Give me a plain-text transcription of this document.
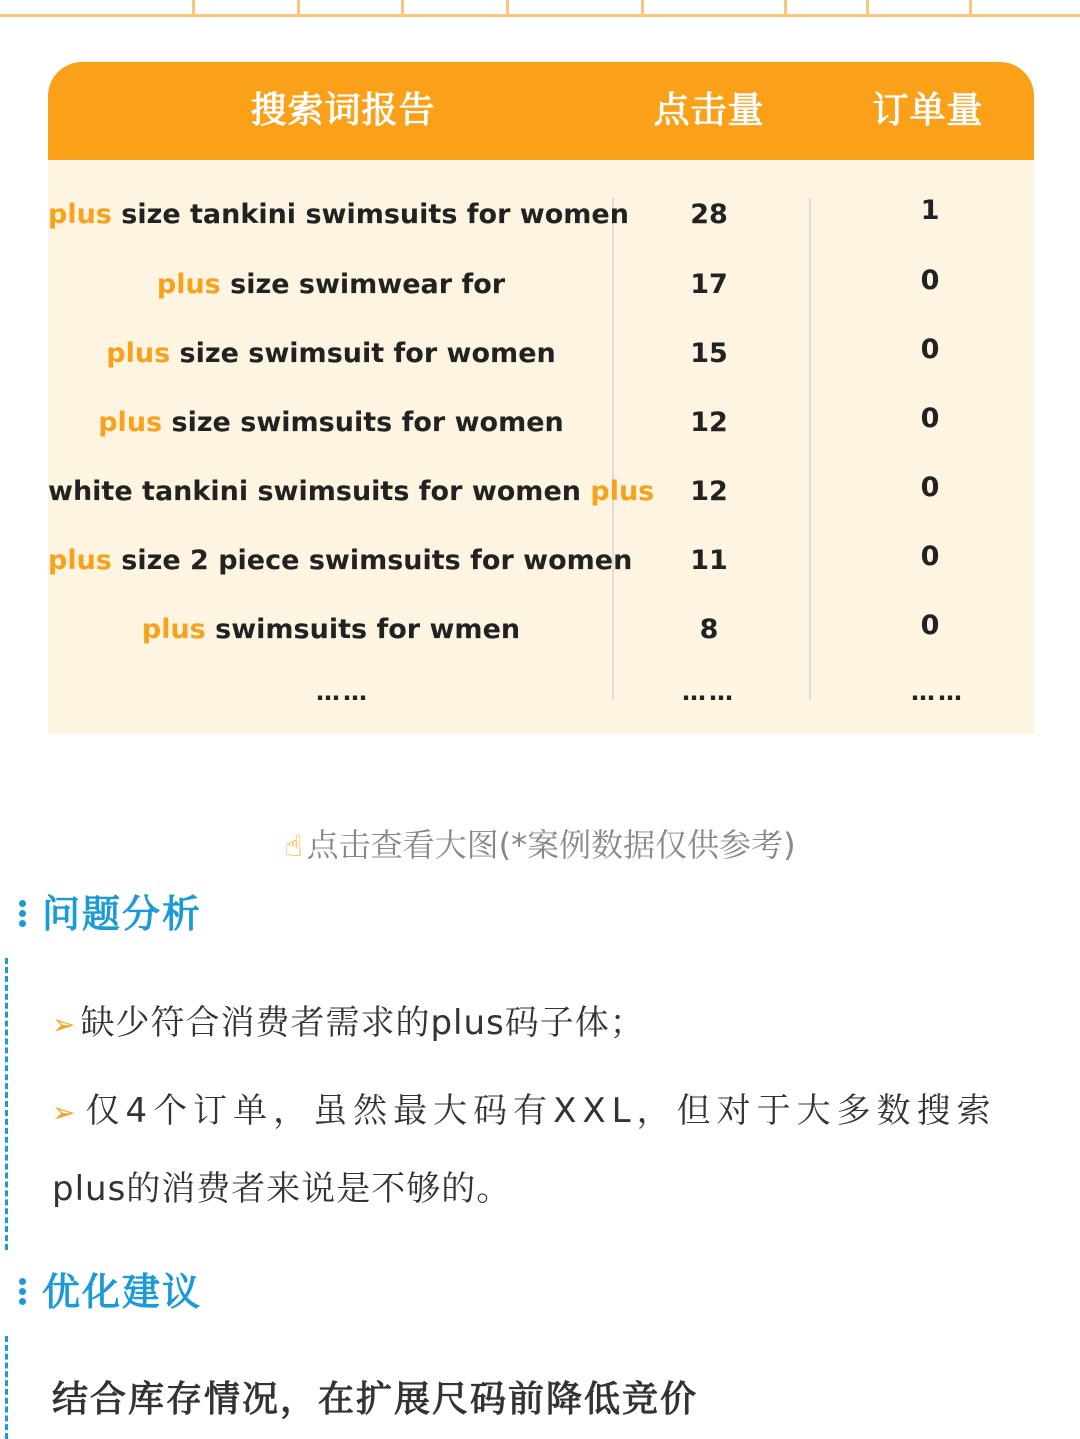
搜索词报告	点击量	订单量
plus size tankini swimsuits for women	28	1
plus size swimwear for	17	0
plus size swimsuit for women	15	0
plus size swimsuits for women	12	0
white tankini swimsuits for women plus	12	0
plus size 2 piece swimsuits for women	11	0
plus swimsuits for wmen	8	0
……	……	……
☝ 点击查看大图(*案例数据仅供参考)
问题分析
➢ 缺少符合消费者需求的plus码子体；
➢ 仅4个订单，虽然最大码有XXL，但对于大多数搜索
plus的消费者来说是不够的。
优化建议
结合库存情况，在扩展尺码前降低竞价
